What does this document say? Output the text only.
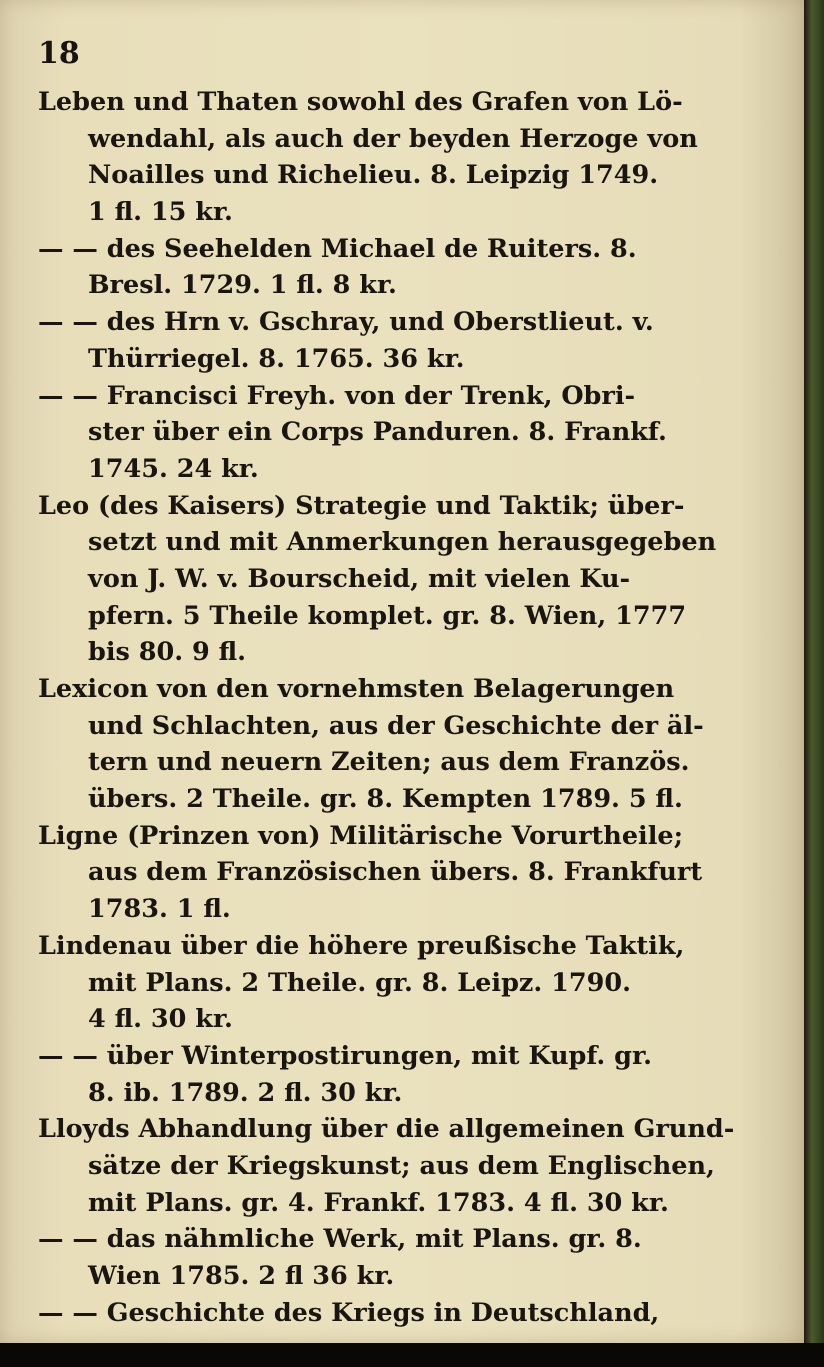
18
Leben und Thaten sowohl des Grafen von Lö-
wendahl, als auch der beyden Herzoge von
Noailles und Richelieu. 8. Leipzig 1749.
1 fl. 15 kr.
— — des Seehelden Michael de Ruiters. 8.
Bresl. 1729. 1 fl. 8 kr.
— — des Hrn v. Gschray, und Oberstlieut. v.
Thürriegel. 8. 1765. 36 kr.
— — Francisci Freyh. von der Trenk, Obri-
ster über ein Corps Panduren. 8. Frankf.
1745. 24 kr.
Leo (des Kaisers) Strategie und Taktik; über-
setzt und mit Anmerkungen herausgegeben
von J. W. v. Bourscheid, mit vielen Ku-
pfern. 5 Theile komplet. gr. 8. Wien, 1777
bis 80. 9 fl.
Lexicon von den vornehmsten Belagerungen
und Schlachten, aus der Geschichte der äl-
tern und neuern Zeiten; aus dem Französ.
übers. 2 Theile. gr. 8. Kempten 1789. 5 fl.
Ligne (Prinzen von) Militärische Vorurtheile;
aus dem Französischen übers. 8. Frankfurt
1783. 1 fl.
Lindenau über die höhere preußische Taktik,
mit Plans. 2 Theile. gr. 8. Leipz. 1790.
4 fl. 30 kr.
— — über Winterpostirungen, mit Kupf. gr.
8. ib. 1789. 2 fl. 30 kr.
Lloyds Abhandlung über die allgemeinen Grund-
sätze der Kriegskunst; aus dem Englischen,
mit Plans. gr. 4. Frankf. 1783. 4 fl. 30 kr.
— — das nähmliche Werk, mit Plans. gr. 8.
Wien 1785. 2 fl 36 kr.
— — Geschichte des Kriegs in Deutschland,
